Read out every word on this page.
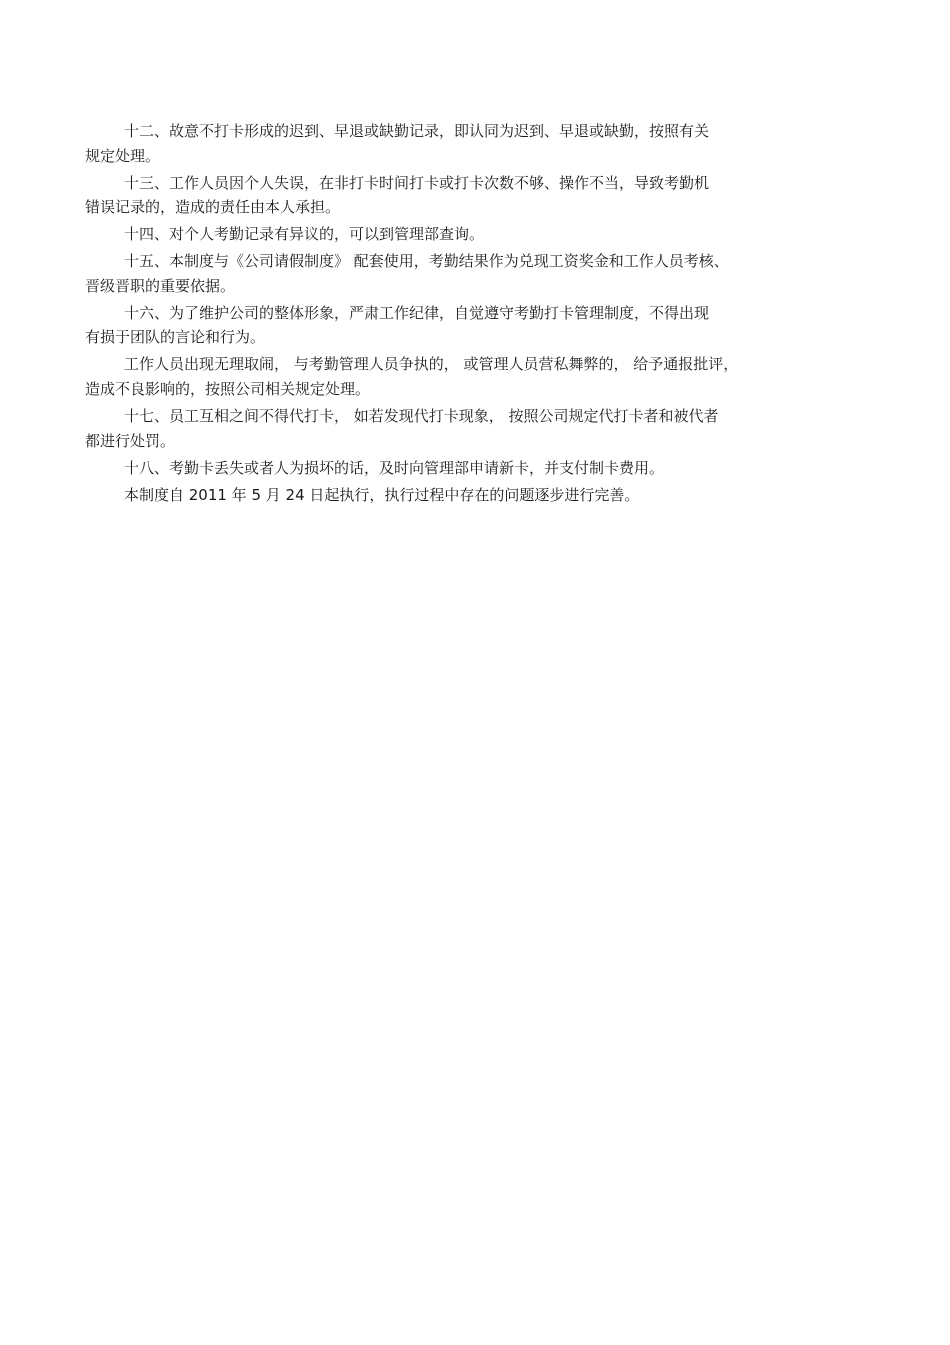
十二、故意不打卡形成的迟到、早退或缺勤记录，即认同为迟到、早退或缺勤，按照有关
规定处理。

十三、工作人员因个人失误，在非打卡时间打卡或打卡次数不够、操作不当，导致考勤机
错误记录的，造成的责任由本人承担。

十四、对个人考勤记录有异议的，可以到管理部查询。

十五、本制度与《公司请假制度》 配套使用，考勤结果作为兑现工资奖金和工作人员考核、
晋级晋职的重要依据。

十六、为了维护公司的整体形象，严肃工作纪律，自觉遵守考勤打卡管理制度，不得出现
有损于团队的言论和行为。

工作人员出现无理取闹， 与考勤管理人员争执的， 或管理人员营私舞弊的， 给予通报批评，
造成不良影响的，按照公司相关规定处理。

十七、员工互相之间不得代打卡， 如若发现代打卡现象， 按照公司规定代打卡者和被代者
都进行处罚。

十八、考勤卡丢失或者人为损坏的话，及时向管理部申请新卡，并支付制卡费用。

本制度自 2011 年 5 月 24 日起执行，执行过程中存在的问题逐步进行完善。
